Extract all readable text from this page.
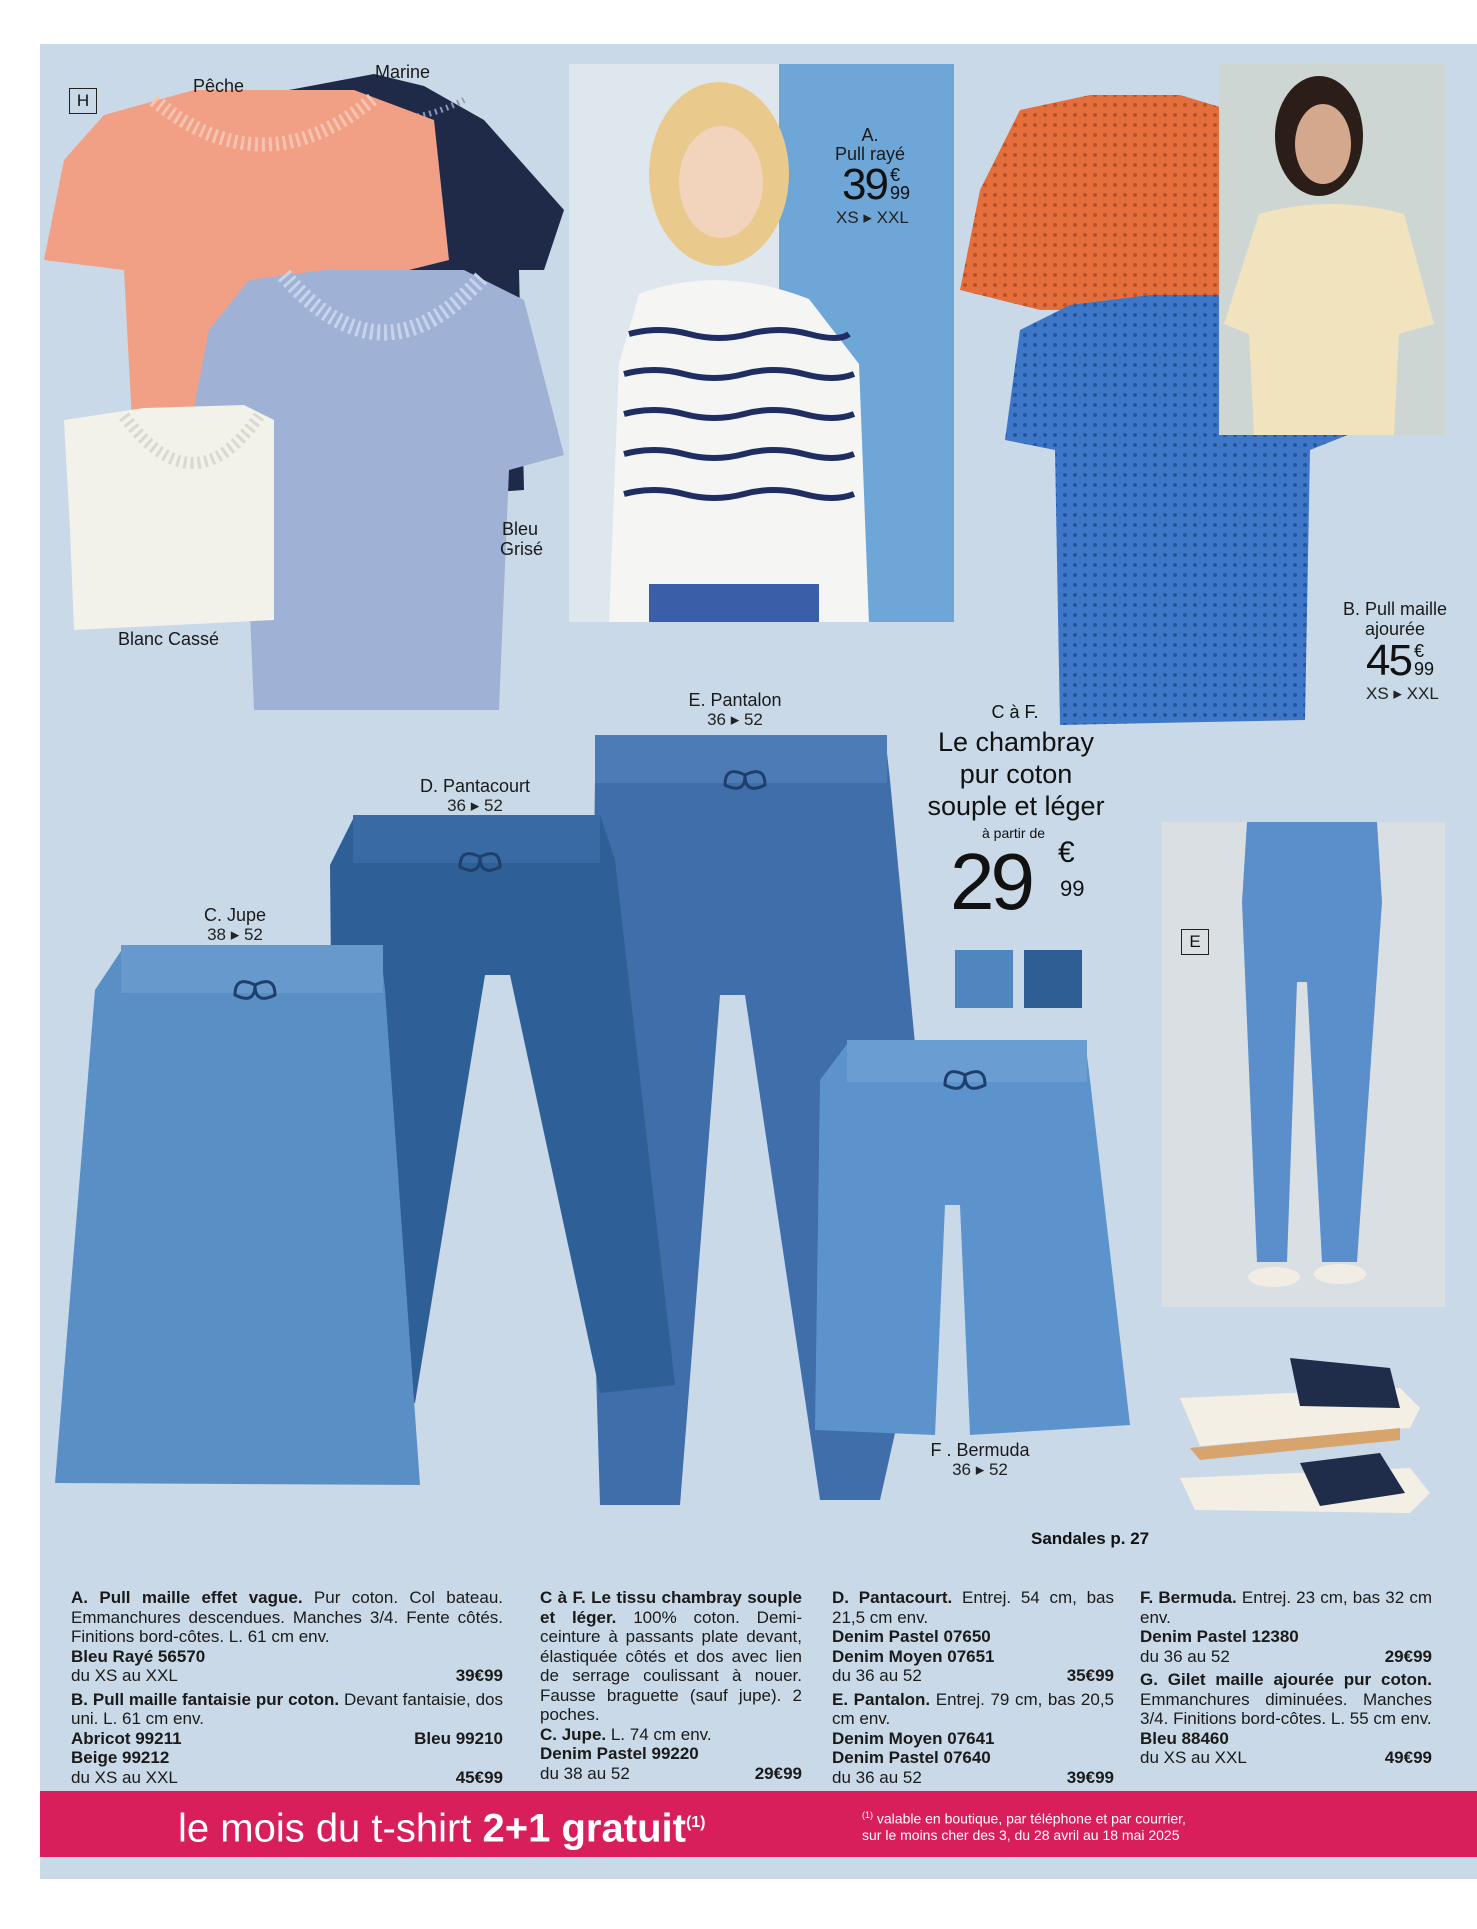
H
Pêche
Marine
Bleu
Grisé
Blanc Cassé
A.
Pull rayé
39 €
99
XS ▸ XXL
B. Pull maille
ajourée
45 €
99
XS ▸ XXL
E. Pantalon
36 ▸ 52
D. Pantacourt
36 ▸ 52
C. Jupe
38 ▸ 52
F . Bermuda
36 ▸ 52
C à F.
Le chambray
pur coton
souple et léger
à partir de
29 €
99
E
Sandales p. 27
A. Pull maille effet vague. Pur coton. Col bateau. Emmanchures descendues. Manches 3/4. Fente côtés. Finitions bord-côtes. L. 61 cm env.
Bleu Rayé 56570
du XS au XXL	39€99
B. Pull maille fantaisie pur coton. Devant fantaisie, dos uni. L. 61 cm env.
Abricot 99211	Bleu 99210
Beige 99212
du XS au XXL	45€99
C à F. Le tissu chambray souple et léger. 100% coton. Demi-ceinture à passants plate devant, élastiquée côtés et dos avec lien de serrage coulissant à nouer. Fausse braguette (sauf jupe). 2 poches.
C. Jupe. L. 74 cm env.
Denim Pastel 99220
du 38 au 52	29€99
D. Pantacourt. Entrej. 54 cm, bas 21,5 cm env.
Denim Pastel 07650
Denim Moyen 07651
du 36 au 52	35€99
E. Pantalon. Entrej. 79 cm, bas 20,5 cm env.
Denim Moyen 07641
Denim Pastel 07640
du 36 au 52	39€99
F. Bermuda. Entrej. 23 cm, bas 32 cm env.
Denim Pastel 12380
du 36 au 52	29€99
G. Gilet maille ajourée pur coton. Emmanchures diminuées. Manches 3/4. Finitions bord-côtes. L. 55 cm env.
Bleu 88460
du XS au XXL	49€99
le mois du t-shirt 2+1 gratuit$^{(1)}$	$^{(1)}$ valable en boutique, par téléphone et par courrier,
sur le moins cher des 3, du 28 avril au 18 mai 2025
